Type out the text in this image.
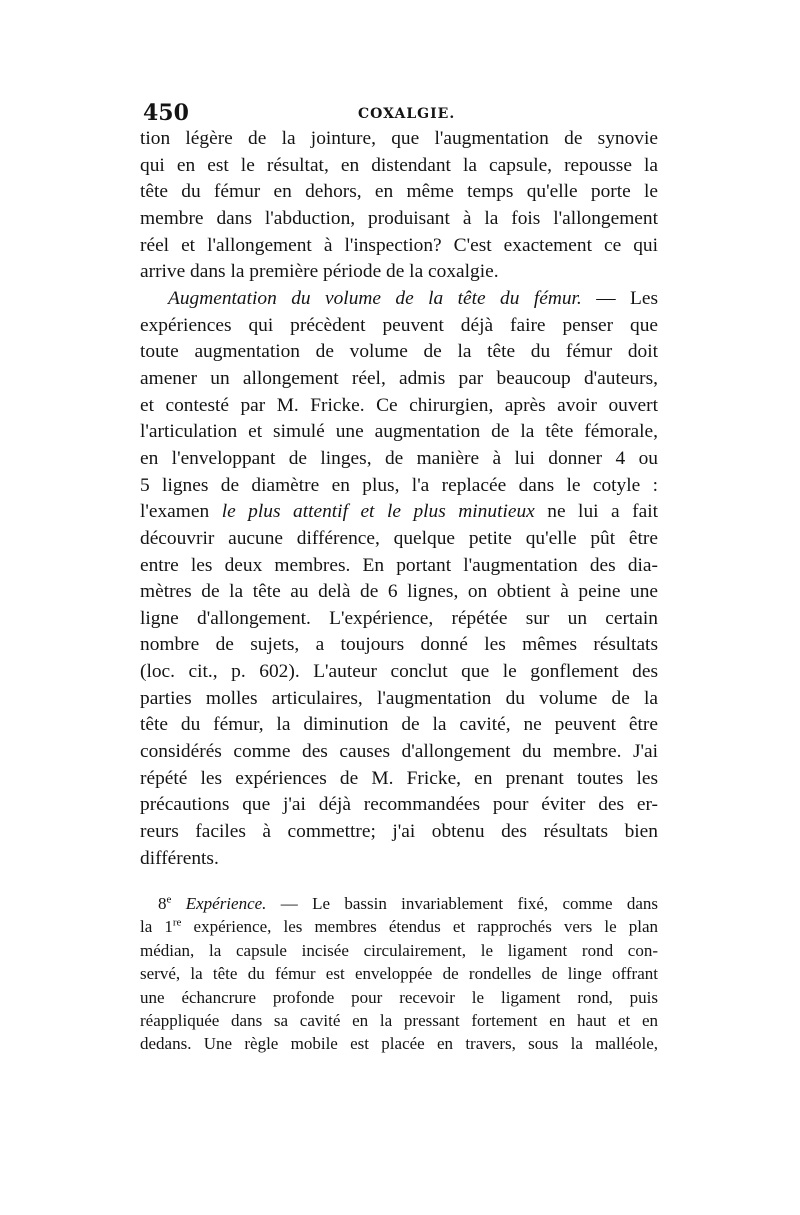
450	COXALGIE.
tion légère de la jointure, que l'augmentation de synovie
qui en est le résultat, en distendant la capsule, repousse la
tête du fémur en dehors, en même temps qu'elle porte le
membre dans l'abduction, produisant à la fois l'allongement
réel et l'allongement à l'inspection? C'est exactement ce qui
arrive dans la première période de la coxalgie.
Augmentation du volume de la tête du fémur. — Les
expériences qui précèdent peuvent déjà faire penser que
toute augmentation de volume de la tête du fémur doit
amener un allongement réel, admis par beaucoup d'auteurs,
et contesté par M. Fricke. Ce chirurgien, après avoir ouvert
l'articulation et simulé une augmentation de la tête fémorale,
en l'enveloppant de linges, de manière à lui donner 4 ou
5 lignes de diamètre en plus, l'a replacée dans le cotyle :
l'examen le plus attentif et le plus minutieux ne lui a fait
découvrir aucune différence, quelque petite qu'elle pût être
entre les deux membres. En portant l'augmentation des dia-
mètres de la tête au delà de 6 lignes, on obtient à peine une
ligne d'allongement. L'expérience, répétée sur un certain
nombre de sujets, a toujours donné les mêmes résultats
(loc. cit., p. 602). L'auteur conclut que le gonflement des
parties molles articulaires, l'augmentation du volume de la
tête du fémur, la diminution de la cavité, ne peuvent être
considérés comme des causes d'allongement du membre. J'ai
répété les expériences de M. Fricke, en prenant toutes les
précautions que j'ai déjà recommandées pour éviter des er-
reurs faciles à commettre; j'ai obtenu des résultats bien
différents.
8e Expérience. — Le bassin invariablement fixé, comme dans
la 1re expérience, les membres étendus et rapprochés vers le plan
médian, la capsule incisée circulairement, le ligament rond con-
servé, la tête du fémur est enveloppée de rondelles de linge offrant
une échancrure profonde pour recevoir le ligament rond, puis
réappliquée dans sa cavité en la pressant fortement en haut et en
dedans. Une règle mobile est placée en travers, sous la malléole,
